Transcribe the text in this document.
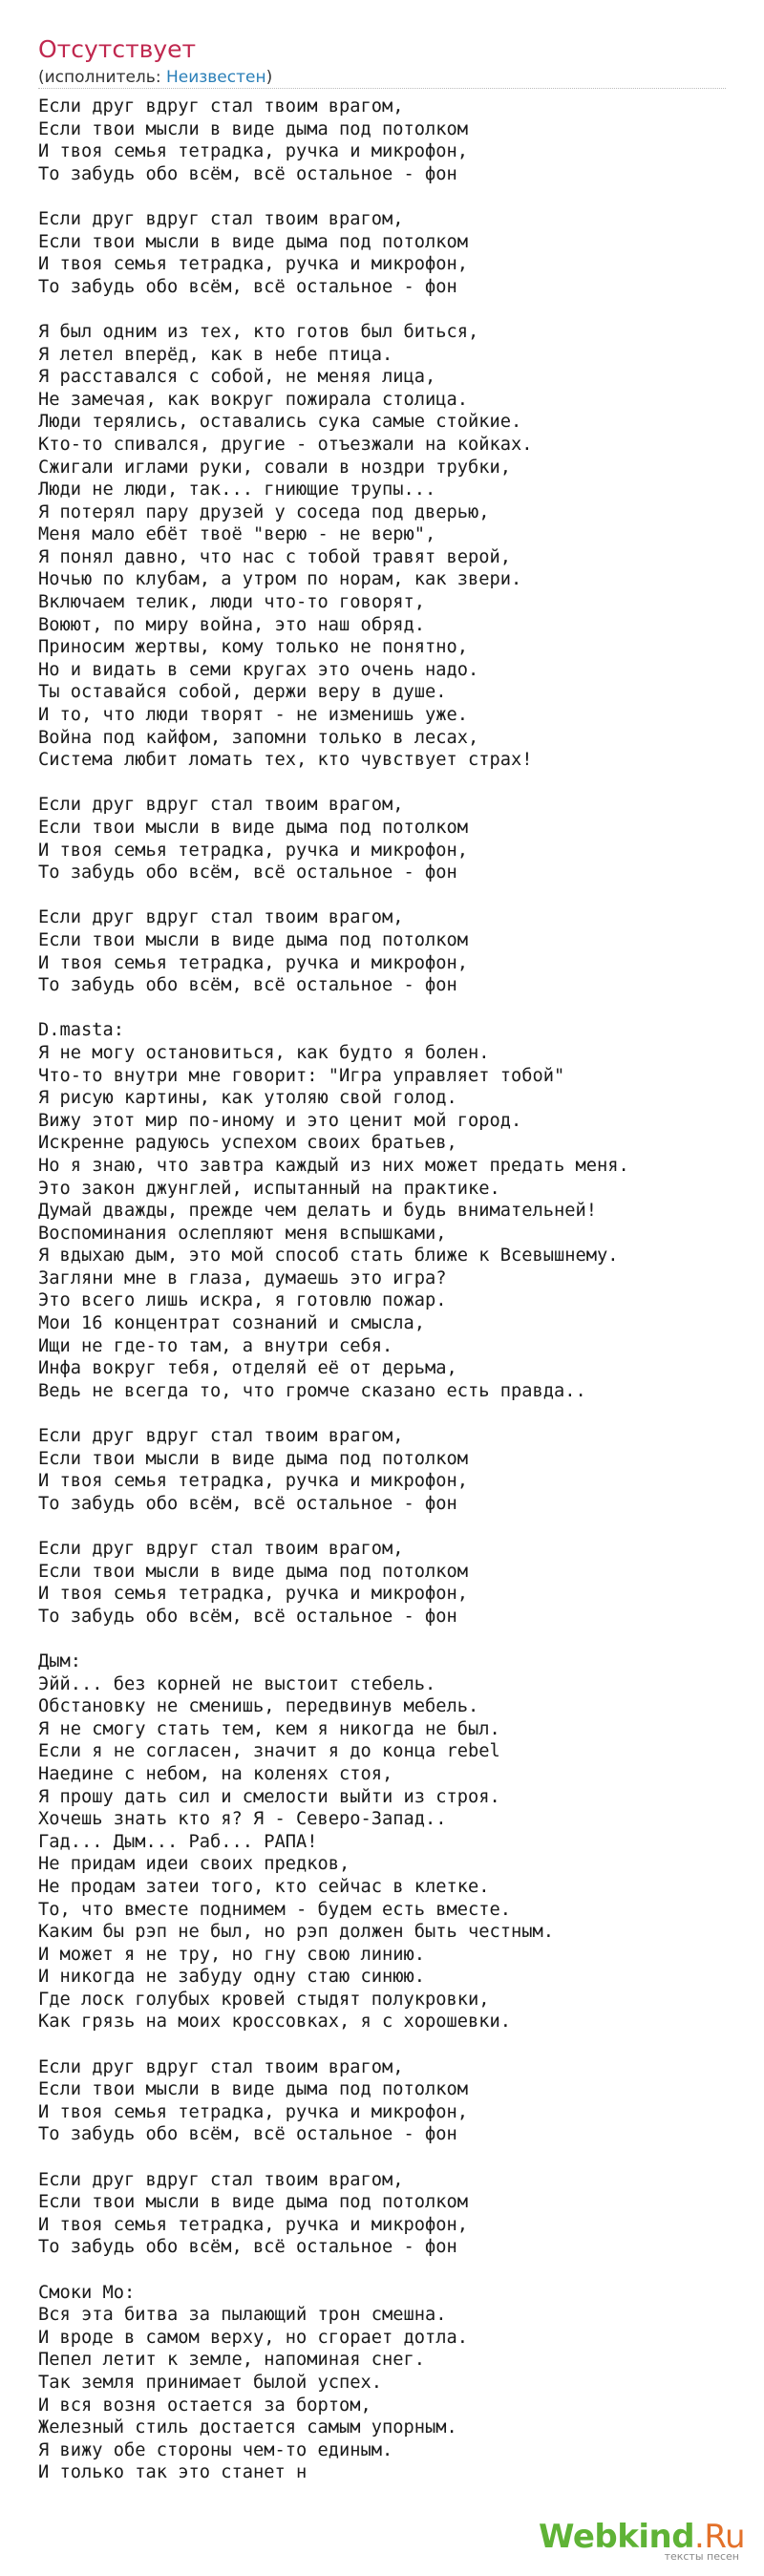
Отсутствует
(исполнитель: Неизвестен)
Если друг вдруг стал твоим врагом,
Если твои мысли в виде дыма под потолком
И твоя семья тетрадка, ручка и микрофон,
То забудь обо всём, всё остальное - фон

Если друг вдруг стал твоим врагом,
Если твои мысли в виде дыма под потолком
И твоя семья тетрадка, ручка и микрофон,
То забудь обо всём, всё остальное - фон

Я был одним из тех, кто готов был биться,
Я летел вперёд, как в небе птица.
Я расставался с собой, не меняя лица,
Не замечая, как вокруг пожирала столица.
Люди терялись, оставались сука самые стойкие.
Кто-то спивался, другие - отъезжали на койках.
Сжигали иглами руки, совали в ноздри трубки,
Люди не люди, так... гниющие трупы...
Я потерял пару друзей у соседа под дверью,
Меня мало ебёт твоё "верю - не верю",
Я понял давно, что нас с тобой травят верой,
Ночью по клубам, а утром по норам, как звери.
Включаем телик, люди что-то говорят,
Воюют, по миру война, это наш обряд.
Приносим жертвы, кому только не понятно,
Но и видать в семи кругах это очень надо.
Ты оставайся собой, держи веру в душе.
И то, что люди творят - не изменишь уже.
Война под кайфом, запомни только в лесах,
Система любит ломать тех, кто чувствует страх!

Если друг вдруг стал твоим врагом,
Если твои мысли в виде дыма под потолком
И твоя семья тетрадка, ручка и микрофон,
То забудь обо всём, всё остальное - фон

Если друг вдруг стал твоим врагом,
Если твои мысли в виде дыма под потолком
И твоя семья тетрадка, ручка и микрофон,
То забудь обо всём, всё остальное - фон

D.masta:
Я не могу остановиться, как будто я болен.
Что-то внутри мне говорит: "Игра управляет тобой"
Я рисую картины, как утоляю свой голод.
Вижу этот мир по-иному и это ценит мой город.
Искренне радуюсь успехом своих братьев,
Но я знаю, что завтра каждый из них может предать меня.
Это закон джунглей, испытанный на практике.
Думай дважды, прежде чем делать и будь внимательней!
Воспоминания ослепляют меня вспышками,
Я вдыхаю дым, это мой способ стать ближе к Всевышнему.
Загляни мне в глаза, думаешь это игра?
Это всего лишь искра, я готовлю пожар.
Мои 16 концентрат сознаний и смысла,
Ищи не где-то там, а внутри себя.
Инфа вокруг тебя, отделяй её от дерьма,
Ведь не всегда то, что громче сказано есть правда..

Если друг вдруг стал твоим врагом,
Если твои мысли в виде дыма под потолком
И твоя семья тетрадка, ручка и микрофон,
То забудь обо всём, всё остальное - фон

Если друг вдруг стал твоим врагом,
Если твои мысли в виде дыма под потолком
И твоя семья тетрадка, ручка и микрофон,
То забудь обо всём, всё остальное - фон

Дым:
Эйй... без корней не выстоит стебель.
Обстановку не сменишь, передвинув мебель.
Я не смогу стать тем, кем я никогда не был.
Если я не согласен, значит я до конца rebel
Наедине с небом, на коленях стоя,
Я прошу дать сил и смелости выйти из строя.
Хочешь знать кто я? Я - Северо-Запад..
Гад... Дым... Раб... РАПА!
Не придам идеи своих предков,
Не продам затеи того, кто сейчас в клетке.
То, что вместе поднимем - будем есть вместе.
Каким бы рэп не был, но рэп должен быть честным.
И может я не тру, но гну свою линию.
И никогда не забуду одну стаю синюю.
Где лоск голубых кровей стыдят полукровки,
Как грязь на моих кроссовках, я с хорошевки.

Если друг вдруг стал твоим врагом,
Если твои мысли в виде дыма под потолком
И твоя семья тетрадка, ручка и микрофон,
То забудь обо всём, всё остальное - фон

Если друг вдруг стал твоим врагом,
Если твои мысли в виде дыма под потолком
И твоя семья тетрадка, ручка и микрофон,
То забудь обо всём, всё остальное - фон

Смоки Мо:
Вся эта битва за пылающий трон смешна.
И вроде в самом верху, но сгорает дотла.
Пепел летит к земле, напоминая снег.
Так земля принимает былой успех.
И вся возня остается за бортом,
Железный стиль достается самым упорным.
Я вижу обе стороны чем-то единым.
И только так это станет н
Webkind.Ru
тексты песен
